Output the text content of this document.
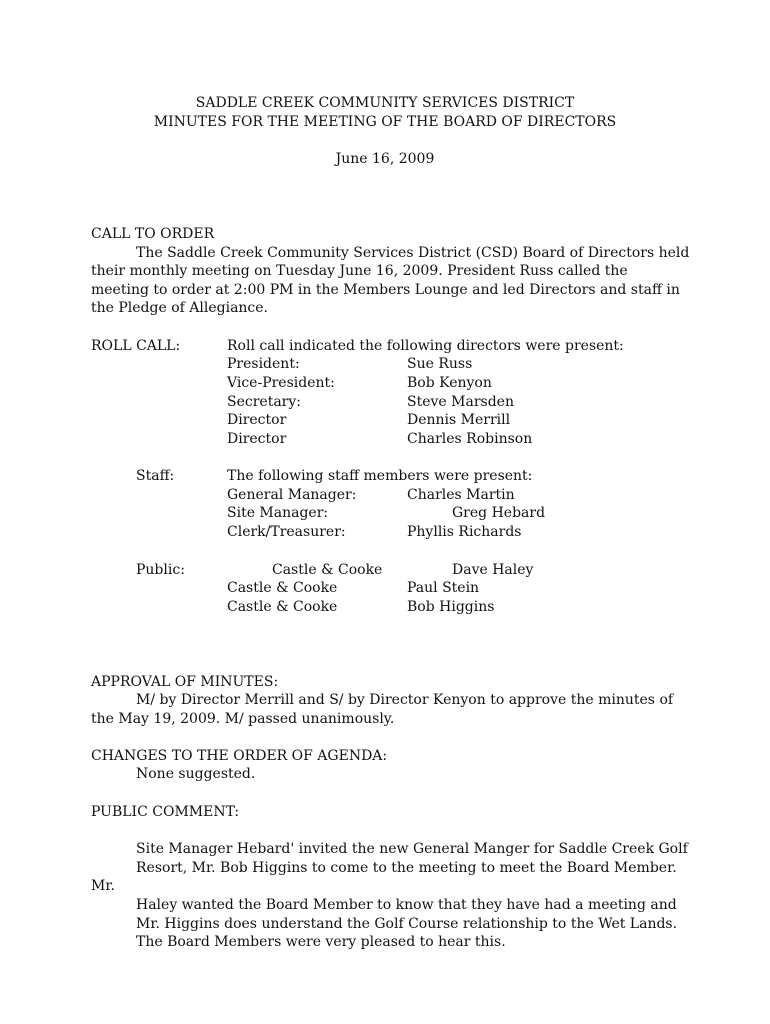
SADDLE CREEK COMMUNITY SERVICES DISTRICT
MINUTES FOR THE MEETING OF THE BOARD OF DIRECTORS
June 16, 2009
CALL TO ORDER
The Saddle Creek Community Services District (CSD) Board of Directors held
their monthly meeting on Tuesday June 16, 2009. President Russ called the
meeting to order at 2:00 PM in the Members Lounge and led Directors and staff in
the Pledge of Allegiance.
ROLL CALL:	Roll call indicated the following directors were present:
President:	Sue Russ
Vice-President:	Bob Kenyon
Secretary:	Steve Marsden
Director	Dennis Merrill
Director	Charles Robinson
Staff:	The following staff members were present:
General Manager:	Charles Martin
Site Manager:	Greg Hebard
Clerk/Treasurer:	Phyllis Richards
Public:	Castle & Cooke	Dave Haley
Castle & Cooke	Paul Stein
Castle & Cooke	Bob Higgins
APPROVAL OF MINUTES:
M/ by Director Merrill and S/ by Director Kenyon to approve the minutes of
the May 19, 2009. M/ passed unanimously.
CHANGES TO THE ORDER OF AGENDA:
None suggested.
PUBLIC COMMENT:
Site Manager Hebard' invited the new General Manger for Saddle Creek Golf
Resort, Mr. Bob Higgins to come to the meeting to meet the Board Member.
Mr.
Haley wanted the Board Member to know that they have had a meeting and
Mr. Higgins does understand the Golf Course relationship to the Wet Lands.
The Board Members were very pleased to hear this.
